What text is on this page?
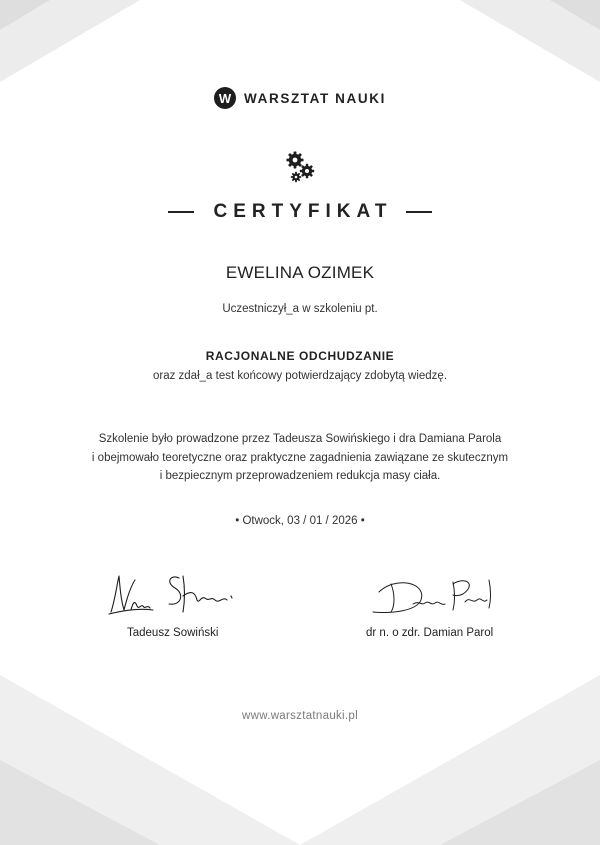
W WARSZTAT NAUKI
CERTYFIKAT
EWELINA OZIMEK
Uczestniczył_a w szkoleniu pt.
RACJONALNE ODCHUDZANIE
oraz zdał_a test końcowy potwierdzający zdobytą wiedzę.
Szkolenie było prowadzone przez Tadeusza Sowińskiego i dra Damiana Parola
i obejmowało teoretyczne oraz praktyczne zagadnienia zawiązane ze skutecznym
i bezpiecznym przeprowadzeniem redukcja masy ciała.
• Otwock, 03 / 01 / 2026 •
Tadeusz Sowiński	dr n. o zdr. Damian Parol
www.warsztatnauki.pl
